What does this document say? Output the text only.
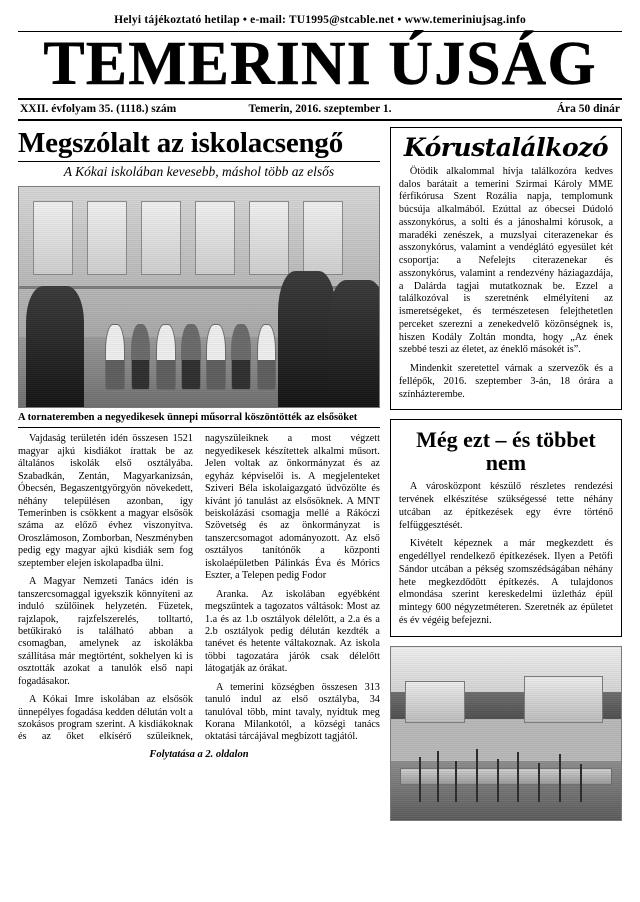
Helyi tájékoztató hetilap • e-mail: TU1995@stcable.net • www.temeriniujsag.info
TEMERINI ÚJSÁG
XXII. évfolyam 35. (1118.) szám	Temerin, 2016. szeptember 1.	Ára 50 dinár
Megszólalt az iskolacsengő
A Kókai iskolában kevesebb, máshol több az elsős
A tornateremben a negyedikesek ünnepi műsorral köszöntötték az elsősöket

Vajdaság területén idén összesen 1521 magyar ajkú kisdiákot írattak be az általános iskolák első osztályába. Szabadkán, Zentán, Magyarkanizsán, Óbecsén, Begaszentgyörgyön növekedett, néhány településen azonban, így Temerinben is csökkent a magyar elsősök száma az előző évhez viszonyítva. Oroszlámoson, Zomborban, Neszményben pedig egy magyar ajkú kisdiák sem fog szeptember elejen iskolapadba ülni.

A Magyar Nemzeti Tanács idén is tanszercsomaggal igyekszik könnyíteni az induló szülőinek helyzetén. Füzetek, rajzlapok, rajzfelszerelés, tolltartó, betűkirakó is található abban a csomagban, amelynek az iskolákba szállítása már megtörtént, sokhelyen ki is osztották azokat a tanulók első napi fogadásakor.

A Kókai Imre iskolában az elsősök ünnepélyes fogadása kedden délután volt a szokásos program szerint. A kisdiákoknak és az őket elkísérő szüleiknek, nagyszüleiknek a most végzett negyedikesek készítettek alkalmi műsort. Jelen voltak az önkormányzat és az egyház képviselői is. A megjelenteket Sziveri Béla iskolaigazgató üdvözölte és kívánt jó tanulást az elsősöknek. A MNT beiskolázási csomagja mellé a Rákóczi Szövetség és az önkormányzat is tanszercsomagot adományozott. Az első osztályos tanítónők a központi iskolaépületben Pálinkás Éva és Mórics Eszter, a Telepen pedig Fodor

Aranka. Az iskolában egyébként megszűntek a tagozatos váltások: Most az 1.a és az 1.b osztályok délelőtt, a 2.a és a 2.b osztályok pedig délután kezdték a tanévet és hetente váltakoznak. Az iskola többi tagozatára járók csak délelőtt látogatják az órákat.

A temerini községben összesen 313 tanuló indul az első osztályba, 34 tanulóval több, mint tavaly, nyidtuk meg Korana Milankotól, a községi tanács oktatási tárcájával megbízott tagjától.

Folytatása a 2. oldalon
Kórustalálkozó

Ötödik alkalommal hívja találkozóra kedves dalos barátait a temerini Szirmai Károly MME férfikórusa Szent Rozália napja, templomunk búcsúja alkalmából. Ezúttal az óbecsei Dúdoló asszonykórus, a solti és a jánoshalmi kórusok, a maradéki zenészek, a muzslyai citerazenekar és asszonykórus, valamint a vendéglátó egyesület két csoportja: a Nefelejts citerazenekar és asszonykórus, valamint a rendezvény háziagazdája, a Dalárda tagjai mutatkoznak be. Ezzel a találkozóval is szeretnénk elmélyíteni az ismeretségeket, és természetesen felejthetetlen perceket szerezni a zenekedvelő közönségnek is, hiszen Kodály Zoltán mondta, hogy „Az ének szebbé teszi az életet, az éneklő másokét is”.

Mindenkit szeretettel várnak a szervezők és a fellépők, 2016. szeptember 3-án, 18 órára a színházterembe.

Még ezt – és többet nem

A városközpont készülő részletes rendezési tervének elkészítése szükségessé tette néhány utcában az építkezések egy évre történő felfüggesztését.

Kivételt képeznek a már megkezdett és engedéllyel rendelkező építkezések. Ilyen a Petőfi Sándor utcában a pékség szomszédságában néhány hete megkezdődött építkezés. A tulajdonos elmondása szerint kereskedelmi üzletház épül mintegy 600 négyzetméteren. Szeretnék az épületet és év végéig befejezni.
